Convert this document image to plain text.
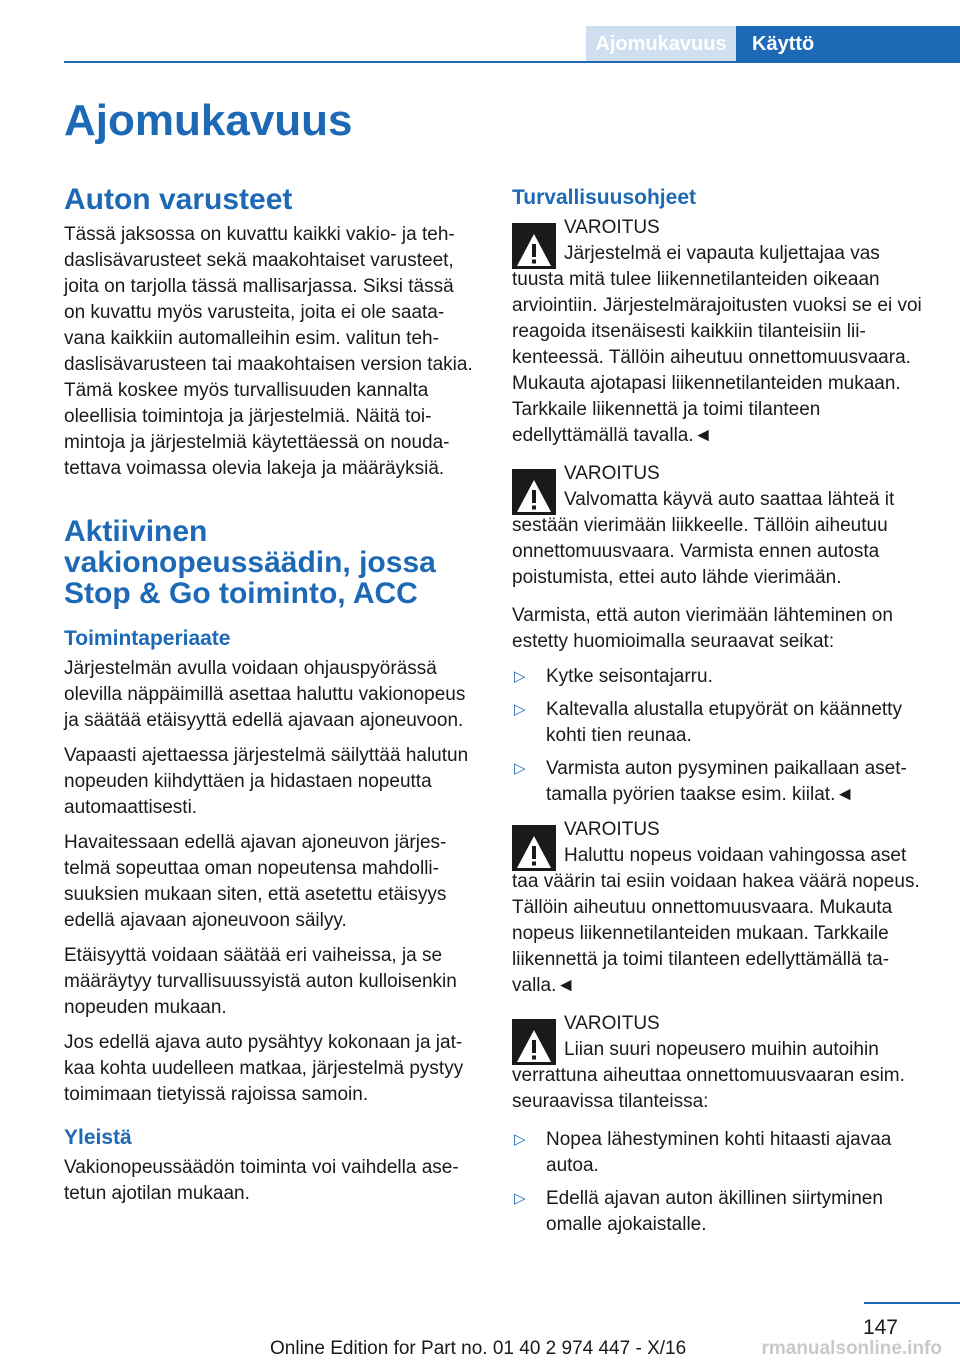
Ajomukavuus	Käyttö
Ajomukavuus
Auton varusteet

Tässä jaksossa on kuvattu kaikki vakio- ja tehdaslisävarusteet sekä maakohtaiset varusteet, joita on tarjolla tässä mallisarjassa. Siksi tässä on kuvattu myös varusteita, joita ei ole saatavana kaikkiin automalleihin esim. valitun tehdaslisävarusteen tai maakohtaisen version takia. Tämä koskee myös turvallisuuden kannalta oleellisia toimintoja ja järjestelmiä. Näitä toimintoja ja järjestelmiä käytettäessä on noudatettava voimassa olevia lakeja ja määräyksiä.

Aktiivinen vakionopeussäädin, jossa Stop & Go toiminto, ACC
Toimintaperiaate

Järjestelmän avulla voidaan ohjauspyörässä olevilla näppäimillä asettaa haluttu vakionopeus ja säätää etäisyyttä edellä ajavaan ajoneuvoon.

Vapaasti ajettaessa järjestelmä säilyttää halutun nopeuden kiihdyttäen ja hidastaen nopeutta automaattisesti.

Havaitessaan edellä ajavan ajoneuvon järjestelmä sopeuttaa oman nopeutensa mahdollisuuksien mukaan siten, että asetettu etäisyys edellä ajavaan ajoneuvoon säilyy.

Etäisyyttä voidaan säätää eri vaiheissa, ja se määräytyy turvallisuussyistä auton kulloisenkin nopeuden mukaan.

Jos edellä ajava auto pysähtyy kokonaan ja jatkaa kohta uudelleen matkaa, järjestelmä pystyy toimimaan tietyissä rajoissa samoin.

Yleistä

Vakionopeussäädön toiminta voi vaihdella asetetun ajotilan mukaan.

Turvallisuusohjeet
VAROITUS
Järjestelmä ei vapauta kuljettajaa vas
tuusta mitä tulee liikennetilanteiden oikeaan arviointiin. Järjestelmärajoitusten vuoksi se ei voi reagoida itsenäisesti kaikkiin tilanteisiin liikenteessä. Tällöin aiheutuu onnettomuusvaara. Mukauta ajotapasi liikennetilanteiden mukaan. Tarkkaile liikennettä ja toimi tilanteen edellyttämällä tavalla.◄
VAROITUS
Valvomatta käyvä auto saattaa lähteä it
sestään vierimään liikkeelle. Tällöin aiheutuu onnettomuusvaara. Varmista ennen autosta poistumista, ettei auto lähde vierimään.

Varmista, että auton vierimään lähteminen on estetty huomioimalla seuraavat seikat:

▷ Kytke seisontajarru.
▷ Kaltevalla alustalla etupyörät on käännetty kohti tien reunaa.
▷ Varmista auton pysyminen paikallaan asettamalla pyörien taakse esim. kiilat.◄
VAROITUS
Haluttu nopeus voidaan vahingossa aset
taa väärin tai esiin voidaan hakea väärä nopeus. Tällöin aiheutuu onnettomuusvaara. Mukauta nopeus liikennetilanteiden mukaan. Tarkkaile liikennettä ja toimi tilanteen edellyttämällä tavalla.◄
VAROITUS
Liian suuri nopeusero muihin autoihin
verrattuna aiheuttaa onnettomuusvaaran esim. seuraavissa tilanteissa:
▷ Nopea lähestyminen kohti hitaasti ajavaa autoa.
▷ Edellä ajavan auton äkillinen siirtyminen omalle ajokaistalle.
147
Online Edition for Part no. 01 40 2 974 447 - X/16	rmanualsonline.info
